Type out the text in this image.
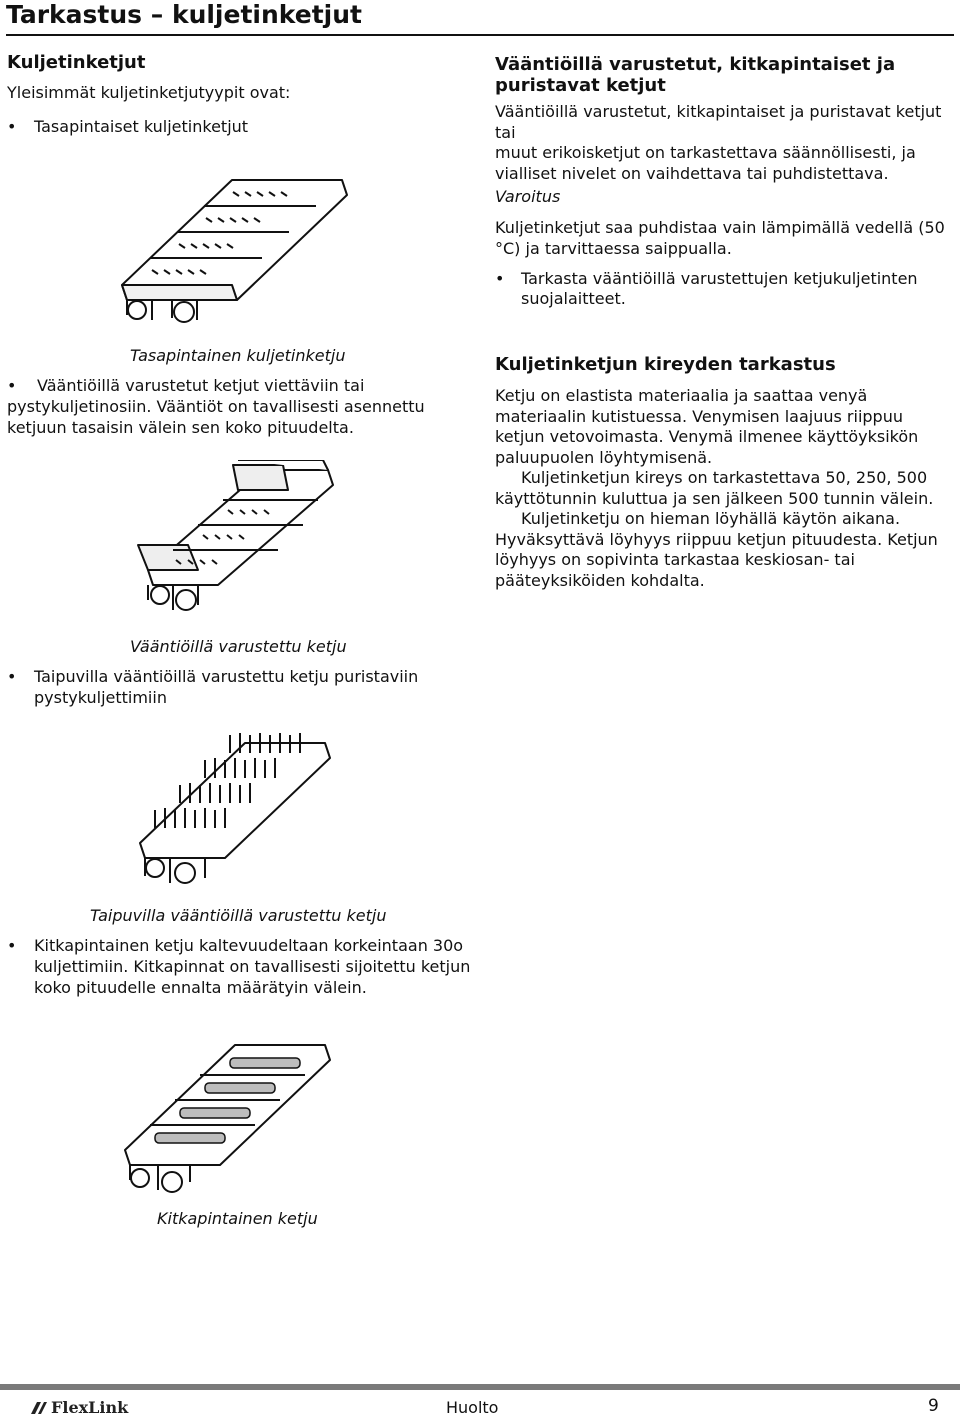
Tarkastus – kuljetinketjut
Kuljetinketjut
Yleisimmät kuljetinketjutyypit ovat:
•	Tasapintaiset kuljetinketjut
Tasapintainen kuljetinketju
•	Vääntiöillä varustetut ketjut viettäviin tai
pystykuljetinosiin. Vääntiöt on tavallisesti asennettu
ketjuun tasaisin välein sen koko pituudelta.
Vääntiöillä varustettu ketju
•	Taipuvilla vääntiöillä varustettu ketju puristaviin
pystykuljettimiin
Taipuvilla vääntiöillä varustettu ketju
•	Kitkapintainen ketju kaltevuudeltaan korkeintaan 30o
kuljettimiin. Kitkapinnat on tavallisesti sijoitettu ketjun
koko pituudelle ennalta määrätyin välein.
Kitkapintainen ketju
Vääntiöillä varustetut, kitkapintaiset ja
puristavat ketjut
Vääntiöillä varustetut, kitkapintaiset ja puristavat ketjut tai
muut erikoisketjut on tarkastettava säännöllisesti, ja
vialliset nivelet on vaihdettava tai puhdistettava.
Varoitus
Kuljetinketjut saa puhdistaa vain lämpimällä vedellä (50
°C) ja tarvittaessa saippualla.
•	Tarkasta vääntiöillä varustettujen ketjukuljetinten
suojalaitteet.
Kuljetinketjun kireyden tarkastus
Ketju on elastista materiaalia ja saattaa venyä
materiaalin kutistuessa. Venymisen laajuus riippuu
ketjun vetovoimasta. Venymä ilmenee käyttöyksikön
paluupuolen löyhtymisenä.
Kuljetinketjun kireys on tarkastettava 50, 250, 500
käyttötunnin kuluttua ja sen jälkeen 500 tunnin välein.
Kuljetinketju on hieman löyhällä käytön aikana.
Hyväksyttävä löyhyys riippuu ketjun pituudesta. Ketjun
löyhyys on sopivinta tarkastaa keskiosan- tai
pääteyksiköiden kohdalta.
FlexLink	Huolto	9
